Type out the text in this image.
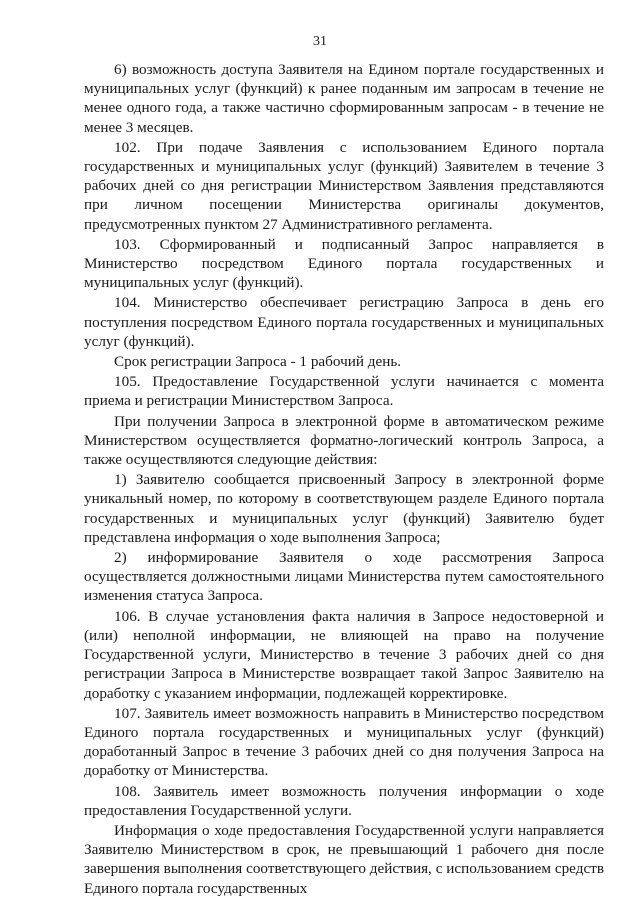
31

6) возможность доступа Заявителя на Едином портале государственных и муниципальных услуг (функций) к ранее поданным им запросам в течение не менее одного года, а также частично сформированным запросам - в течение не менее 3 месяцев.

102. При подаче Заявления с использованием Единого портала государственных и муниципальных услуг (функций) Заявителем в течение 3 рабочих дней со дня регистрации Министерством Заявления представляются при личном посещении Министерства оригиналы документов, предусмотренных пунктом 27 Административного регламента.

103. Сформированный и подписанный Запрос направляется в Министерство посредством Единого портала государственных и муниципальных услуг (функций).

104. Министерство обеспечивает регистрацию Запроса в день его поступления посредством Единого портала государственных и муниципальных услуг (функций).

Срок регистрации Запроса - 1 рабочий день.

105. Предоставление Государственной услуги начинается с момента приема и регистрации Министерством Запроса.

При получении Запроса в электронной форме в автоматическом режиме Министерством осуществляется форматно-логический контроль Запроса, а также осуществляются следующие действия:

1) Заявителю сообщается присвоенный Запросу в электронной форме уникальный номер, по которому в соответствующем разделе Единого портала государственных и муниципальных услуг (функций) Заявителю будет представлена информация о ходе выполнения Запроса;

2) информирование Заявителя о ходе рассмотрения Запроса осуществляется должностными лицами Министерства путем самостоятельного изменения статуса Запроса.

106. В случае установления факта наличия в Запросе недостоверной и (или) неполной информации, не влияющей на право на получение Государственной услуги, Министерство в течение 3 рабочих дней со дня регистрации Запроса в Министерстве возвращает такой Запрос Заявителю на доработку с указанием информации, подлежащей корректировке.

107. Заявитель имеет возможность направить в Министерство посредством Единого портала государственных и муниципальных услуг (функций) доработанный Запрос в течение 3 рабочих дней со дня получения Запроса на доработку от Министерства.

108. Заявитель имеет возможность получения информации о ходе предоставления Государственной услуги.

Информация о ходе предоставления Государственной услуги направляется Заявителю Министерством в срок, не превышающий 1 рабочего дня после завершения выполнения соответствующего действия, с использованием средств Единого портала государственных
